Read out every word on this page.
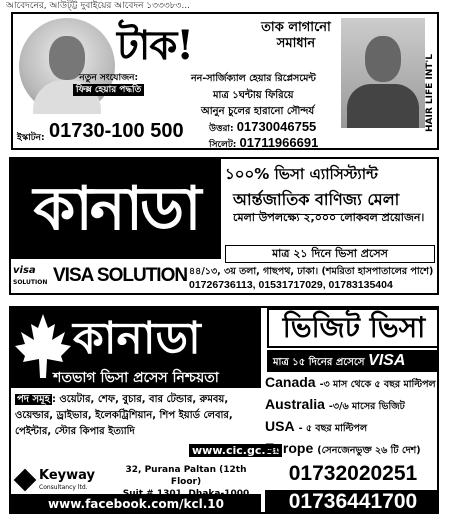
আবেদনের, আউট্ট্ট দুবাইয়ের আবেদন ১৩৩৩৮৩...
টাক!	তাক লাগানো সমাধান
HAIR LIFE INT'L
নতুন সংযোজন:
ফিক্স হেয়ার পদ্ধতি
নন-সার্জিক্যাল হেয়ার রিপ্লেসমেন্ট
মাত্র ১ঘন্টায় ফিরিয়ে
আনুন চুলের হারানো সৌন্দর্য
ইস্কাটন: 01730-100 500	উত্তরা: 01730046755
সিলেট: 01711966691
কানাডা	১০০% ভিসা এ্যাসিস্ট্যান্ট
আর্ন্তজাতিক বাণিজ্য মেলা
মেলা উপলক্ষ্যে ২,০০০ লোকবল প্রয়োজন।
মাত্র ২১ দিনে ভিসা প্রসেস
visa
SOLUTION VISA SOLUTION ৪৪/১৩, ৩য় তলা, গাছপথ, ঢাকা। (শমরিতা হাসপাতালের পাশে)
01726736113, 01531717029, 01783135404
কানাডা
শতভাগ ভিসা প্রসেস নিশ্চয়তা
ভিজিট ভিসা
মাত্র ১৫ দিনের প্রসেসে VISA
পদ সমূহ : ওয়েটার, শেফ, বুচার, বার টেন্ডার, রুমবয়, ওয়েল্ডার, ড্রাইভার, ইলেকট্রিশিয়ান, শিপ ইয়ার্ড লেবার, পেইন্টার, স্টোর কিপার ইত্যাদি
www.cic.gc.ca
Canada -৩ মাস থেকে ৫ বছর মাল্টিপল
Australia -৩/৬ মাসের ভিজিট
USA - ৫ বছর মাল্টিপল
Europe (সেনজেনভুক্ত ২৬ টি দেশ)
Keyway
Consultancy ltd.
32, Purana Paltan (12th Floor)
www.facebook.com/kcl.10
01732020251
01736441700
